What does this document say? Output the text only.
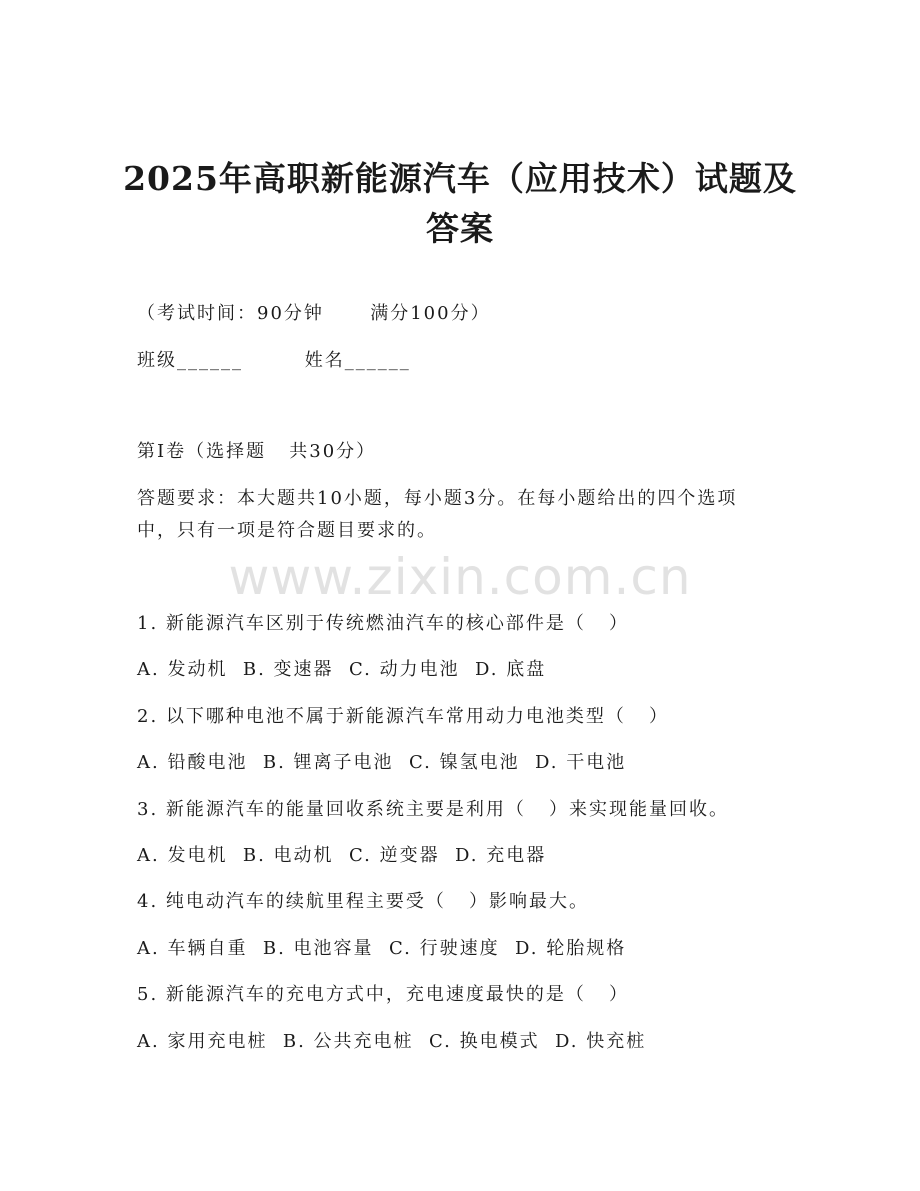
2025年高职新能源汽车（应用技术）试题及
答案
（考试时间：90分钟      满分100分）
班级______        姓名______
第I卷（选择题   共30分）
答题要求：本大题共10小题，每小题3分。在每小题给出的四个选项
中，只有一项是符合题目要求的。
www.zixin.com.cn
1. 新能源汽车区别于传统燃油汽车的核心部件是（   ）
A. 发动机  B. 变速器  C. 动力电池  D. 底盘
2. 以下哪种电池不属于新能源汽车常用动力电池类型（   ）
A. 铅酸电池  B. 锂离子电池  C. 镍氢电池  D. 干电池
3. 新能源汽车的能量回收系统主要是利用（   ）来实现能量回收。
A. 发电机  B. 电动机  C. 逆变器  D. 充电器
4. 纯电动汽车的续航里程主要受（   ）影响最大。
A. 车辆自重  B. 电池容量  C. 行驶速度  D. 轮胎规格
5. 新能源汽车的充电方式中，充电速度最快的是（   ）
A. 家用充电桩  B. 公共充电桩  C. 换电模式  D. 快充桩
